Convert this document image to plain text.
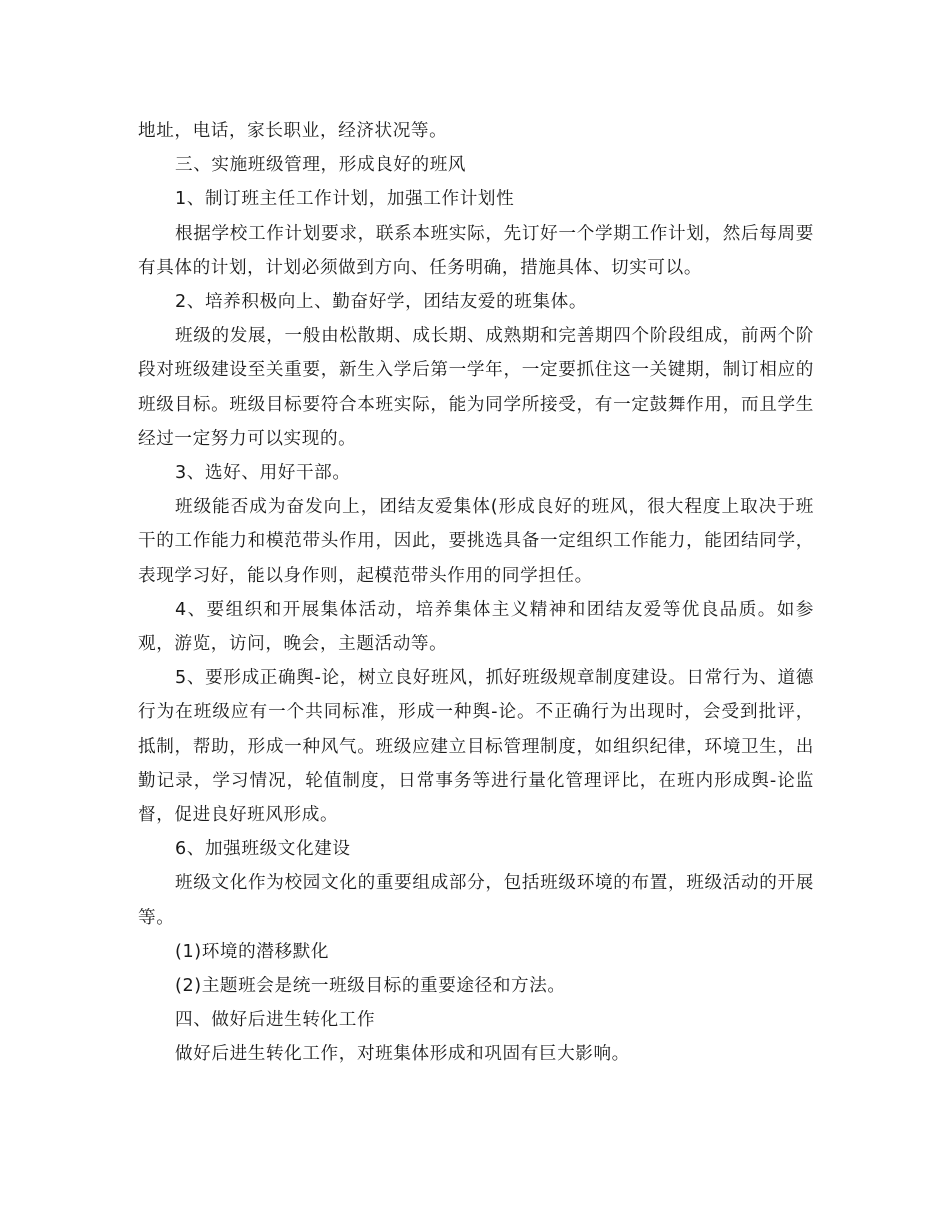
地址，电话，家长职业，经济状况等。

三、实施班级管理，形成良好的班风

1、制订班主任工作计划，加强工作计划性

根据学校工作计划要求，联系本班实际，先订好一个学期工作计划，然后每周要有具体的计划，计划必须做到方向、任务明确，措施具体、切实可以。

2、培养积极向上、勤奋好学，团结友爱的班集体。

班级的发展，一般由松散期、成长期、成熟期和完善期四个阶段组成，前两个阶段对班级建设至关重要，新生入学后第一学年，一定要抓住这一关键期，制订相应的班级目标。班级目标要符合本班实际，能为同学所接受，有一定鼓舞作用，而且学生经过一定努力可以实现的。

3、选好、用好干部。

班级能否成为奋发向上，团结友爱集体(形成良好的班风，很大程度上取决于班干的工作能力和模范带头作用，因此，要挑选具备一定组织工作能力，能团结同学，表现学习好，能以身作则，起模范带头作用的同学担任。

4、要组织和开展集体活动，培养集体主义精神和团结友爱等优良品质。如参观，游览，访问，晚会，主题活动等。

5、要形成正确舆-论，树立良好班风，抓好班级规章制度建设。日常行为、道德行为在班级应有一个共同标准，形成一种舆-论。不正确行为出现时，会受到批评，抵制，帮助，形成一种风气。班级应建立目标管理制度，如组织纪律，环境卫生，出勤记录，学习情况，轮值制度，日常事务等进行量化管理评比，在班内形成舆-论监督，促进良好班风形成。

6、加强班级文化建设

班级文化作为校园文化的重要组成部分，包括班级环境的布置，班级活动的开展等。

(1)环境的潜移默化

(2)主题班会是统一班级目标的重要途径和方法。

四、做好后进生转化工作

做好后进生转化工作，对班集体形成和巩固有巨大影响。
